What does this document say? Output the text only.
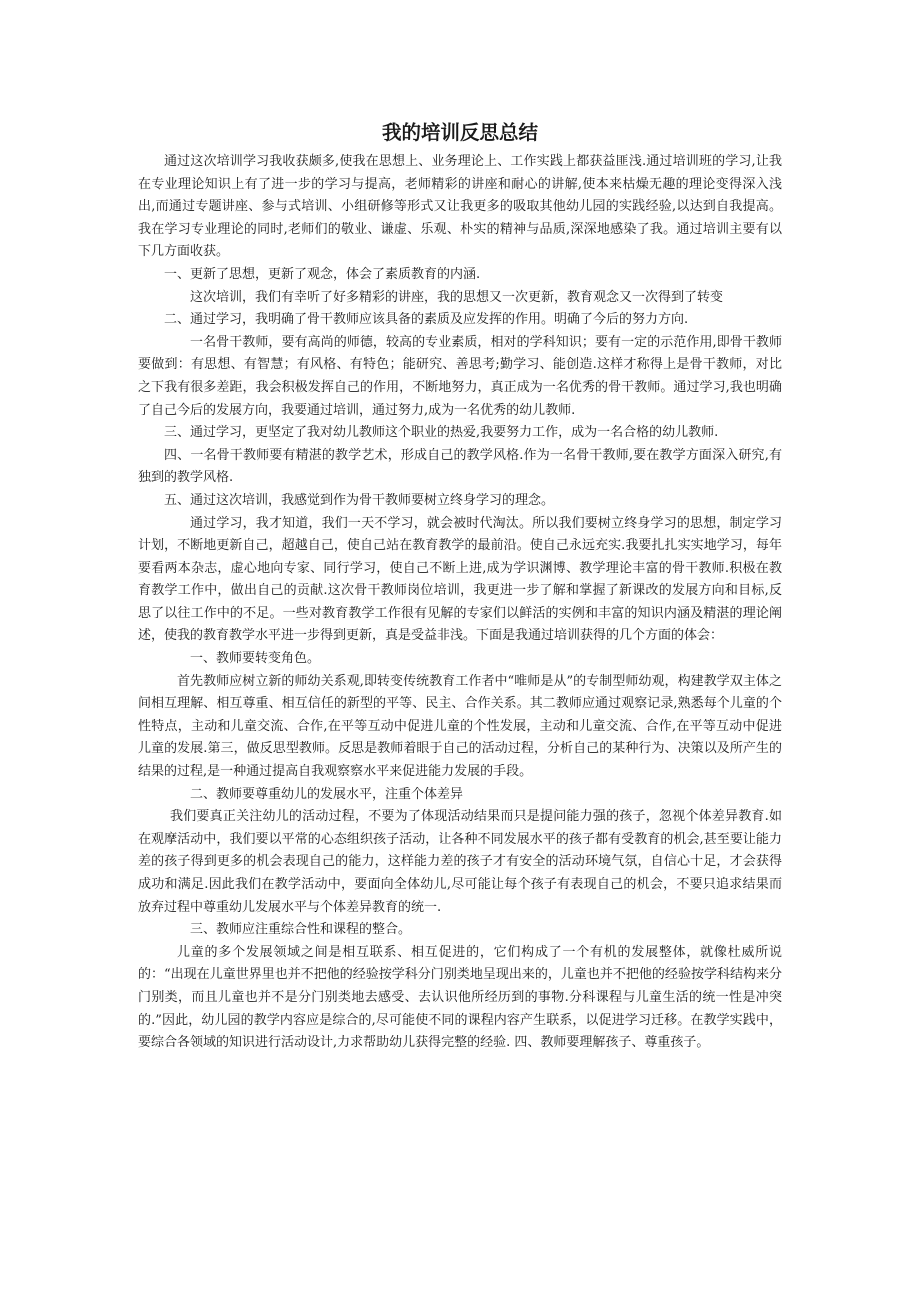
我的培训反思总结

通过这次培训学习我收获颇多,使我在思想上、业务理论上、工作实践上都获益匪浅.通过培训班的学习,让我在专业理论知识上有了进一步的学习与提高，老师精彩的讲座和耐心的讲解,使本来枯燥无趣的理论变得深入浅出,而通过专题讲座、参与式培训、小组研修等形式又让我更多的吸取其他幼儿园的实践经验,以达到自我提高。我在学习专业理论的同时,老师们的敬业、谦虚、乐观、朴实的精神与品质,深深地感染了我。通过培训主要有以下几方面收获。

一、更新了思想，更新了观念，体会了素质教育的内涵.

这次培训，我们有幸听了好多精彩的讲座，我的思想又一次更新，教育观念又一次得到了转变

二、通过学习，我明确了骨干教师应该具备的素质及应发挥的作用。明确了今后的努力方向.

一名骨干教师，要有高尚的师德，较高的专业素质，相对的学科知识；要有一定的示范作用,即骨干教师要做到：有思想、有智慧；有风格、有特色；能研究、善思考;勤学习、能创造.这样才称得上是骨干教师，对比之下我有很多差距，我会积极发挥自己的作用，不断地努力，真正成为一名优秀的骨干教师。通过学习,我也明确了自己今后的发展方向，我要通过培训，通过努力,成为一名优秀的幼儿教师.

三、通过学习，更坚定了我对幼儿教师这个职业的热爱,我要努力工作，成为一名合格的幼儿教师.

四、一名骨干教师要有精湛的教学艺术，形成自己的教学风格.作为一名骨干教师,要在教学方面深入研究,有独到的教学风格.

五、通过这次培训，我感觉到作为骨干教师要树立终身学习的理念。

通过学习，我才知道，我们一天不学习，就会被时代淘汰。所以我们要树立终身学习的思想，制定学习计划，不断地更新自己，超越自己，使自己站在教育教学的最前沿。使自己永远充实.我要扎扎实实地学习，每年要看两本杂志，虚心地向专家、同行学习，使自己不断上进,成为学识渊博、教学理论丰富的骨干教师.积极在教育教学工作中，做出自己的贡献.这次骨干教师岗位培训，我更进一步了解和掌握了新课改的发展方向和目标,反思了以往工作中的不足。一些对教育教学工作很有见解的专家们以鲜活的实例和丰富的知识内涵及精湛的理论阐述，使我的教育教学水平进一步得到更新，真是受益非浅。下面是我通过培训获得的几个方面的体会：

一、教师要转变角色。

首先教师应树立新的师幼关系观,即转变传统教育工作者中“唯师是从”的专制型师幼观，构建教学双主体之间相互理解、相互尊重、相互信任的新型的平等、民主、合作关系。其二教师应通过观察记录,熟悉每个儿童的个性特点，主动和儿童交流、合作,在平等互动中促进儿童的个性发展，主动和儿童交流、合作,在平等互动中促进儿童的发展.第三，做反思型教师。反思是教师着眼于自己的活动过程，分析自己的某种行为、决策以及所产生的结果的过程,是一种通过提高自我观察察水平来促进能力发展的手段。

二、教师要尊重幼儿的发展水平，注重个体差异

我们要真正关注幼儿的活动过程，不要为了体现活动结果而只是提问能力强的孩子，忽视个体差异教育.如在观摩活动中，我们要以平常的心态组织孩子活动，让各种不同发展水平的孩子都有受教育的机会,甚至要让能力差的孩子得到更多的机会表现自己的能力，这样能力差的孩子才有安全的活动环境气氛，自信心十足，才会获得成功和满足.因此我们在教学活动中，要面向全体幼儿,尽可能让每个孩子有表现自己的机会，不要只追求结果而放弃过程中尊重幼儿发展水平与个体差异教育的统一.

三、教师应注重综合性和课程的整合。

儿童的多个发展领域之间是相互联系、相互促进的，它们构成了一个有机的发展整体，就像杜威所说的：“出现在儿童世界里也并不把他的经验按学科分门别类地呈现出来的，儿童也并不把他的经验按学科结构来分门别类，而且儿童也并不是分门别类地去感受、去认识他所经历到的事物.分科课程与儿童生活的统一性是冲突的.”因此，幼儿园的教学内容应是综合的,尽可能使不同的课程内容产生联系，以促进学习迁移。在教学实践中，要综合各领域的知识进行活动设计,力求帮助幼儿获得完整的经验. 四、教师要理解孩子、尊重孩子。
